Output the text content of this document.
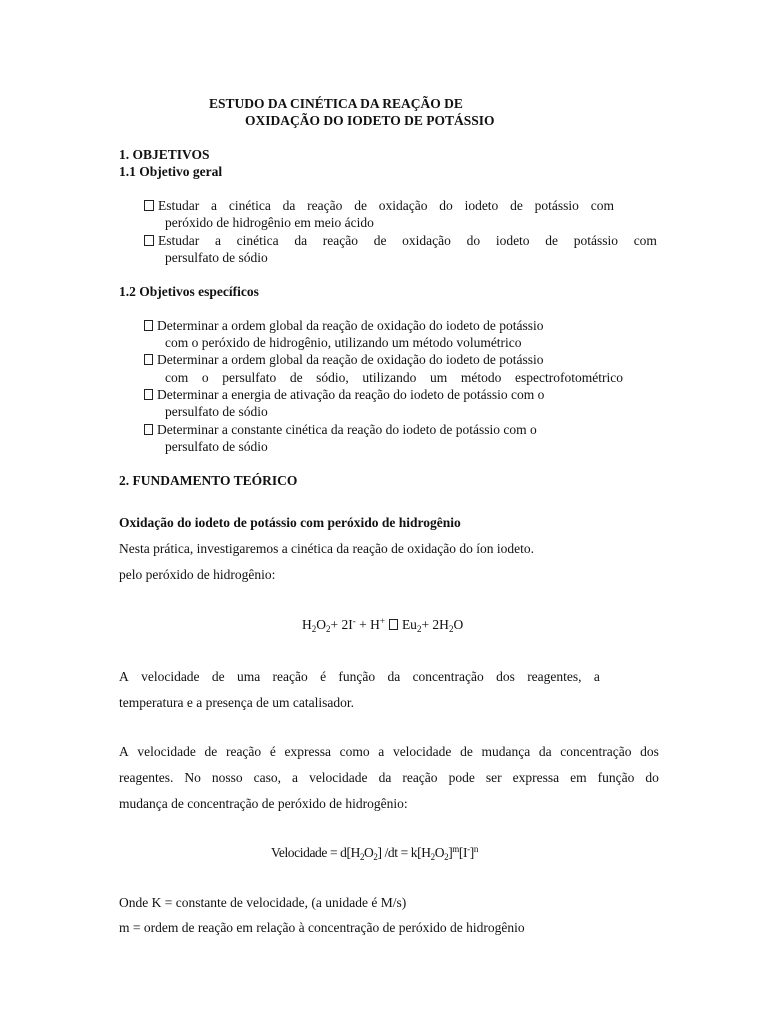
ESTUDO DA CINÉTICA DA REAÇÃO DE
OXIDAÇÃO DO IODETO DE POTÁSSIO
1. OBJETIVOS
1.1 Objetivo geral
Estudar a cinética da reação de oxidação do iodeto de potássio com
peróxido de hidrogênio em meio ácido
Estudar a cinética da reação de oxidação do iodeto de potássio com
persulfato de sódio
1.2 Objetivos específicos
Determinar a ordem global da reação de oxidação do iodeto de potássio
com o peróxido de hidrogênio, utilizando um método volumétrico
Determinar a ordem global da reação de oxidação do iodeto de potássio
com o persulfato de sódio, utilizando um método espectrofotométrico
Determinar a energia de ativação da reação do iodeto de potássio com o
persulfato de sódio
Determinar a constante cinética da reação do iodeto de potássio com o
persulfato de sódio
2. FUNDAMENTO TEÓRICO
Oxidação do iodeto de potássio com peróxido de hidrogênio
Nesta prática, investigaremos a cinética da reação de oxidação do íon iodeto.
pelo peróxido de hidrogênio:
$H_2O_2+ 2I^- + H^+$ $Eu_2+ 2H_2O$
A velocidade de uma reação é função da concentração dos reagentes, a
temperatura e a presença de um catalisador.
A velocidade de reação é expressa como a velocidade de mudança da concentração dos
reagentes. No nosso caso, a velocidade da reação pode ser expressa em função do
mudança de concentração de peróxido de hidrogênio:
Velocidade = $d[H_2O_2] /dt = k[H_2O_2]^m[I^-]^n$
Onde K = constante de velocidade, (a unidade é M/s)
m = ordem de reação em relação à concentração de peróxido de hidrogênio
